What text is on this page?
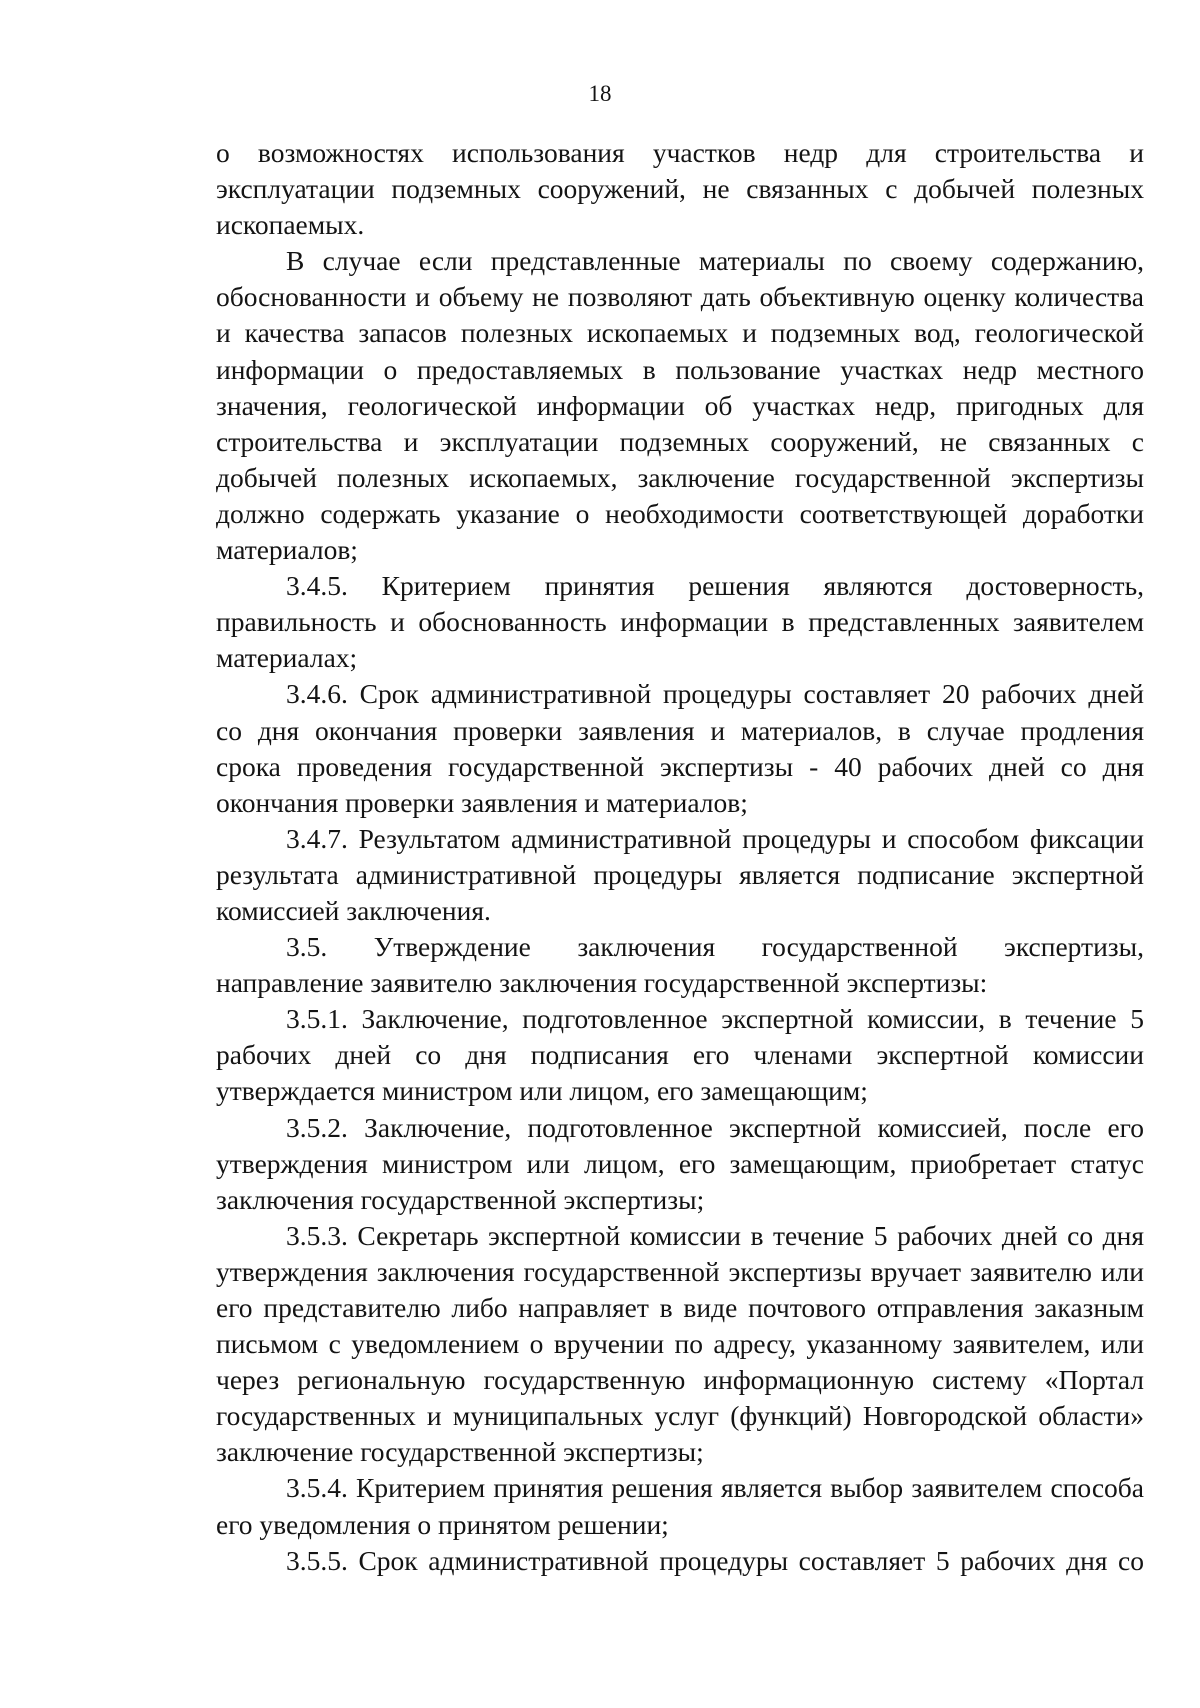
18
о возможностях использования участков недр для строительства и
эксплуатации подземных сооружений, не связанных с добычей полезных
ископаемых.
В случае если представленные материалы по своему содержанию,
обоснованности и объему не позволяют дать объективную оценку количества
и качества запасов полезных ископаемых и подземных вод, геологической
информации о предоставляемых в пользование участках недр местного
значения, геологической информации об участках недр, пригодных для
строительства и эксплуатации подземных сооружений, не связанных с
добычей полезных ископаемых, заключение государственной экспертизы
должно содержать указание о необходимости соответствующей доработки
материалов;
3.4.5. Критерием принятия решения являются достоверность,
правильность и обоснованность информации в представленных заявителем
материалах;
3.4.6. Срок административной процедуры составляет 20 рабочих дней
со дня окончания проверки заявления и материалов, в случае продления
срока проведения государственной экспертизы - 40 рабочих дней со дня
окончания проверки заявления и материалов;
3.4.7. Результатом административной процедуры и способом фиксации
результата административной процедуры является подписание экспертной
комиссией заключения.
3.5. Утверждение заключения государственной экспертизы,
направление заявителю заключения государственной экспертизы:
3.5.1. Заключение, подготовленное экспертной комиссии, в течение 5
рабочих дней со дня подписания его членами экспертной комиссии
утверждается министром или лицом, его замещающим;
3.5.2. Заключение, подготовленное экспертной комиссией, после его
утверждения министром или лицом, его замещающим, приобретает статус
заключения государственной экспертизы;
3.5.3. Секретарь экспертной комиссии в течение 5 рабочих дней со дня
утверждения заключения государственной экспертизы вручает заявителю или
его представителю либо направляет в виде почтового отправления заказным
письмом с уведомлением о вручении по адресу, указанному заявителем, или
через региональную государственную информационную систему «Портал
государственных и муниципальных услуг (функций) Новгородской области»
заключение государственной экспертизы;
3.5.4. Критерием принятия решения является выбор заявителем способа
его уведомления о принятом решении;
3.5.5. Срок административной процедуры составляет 5 рабочих дня со
